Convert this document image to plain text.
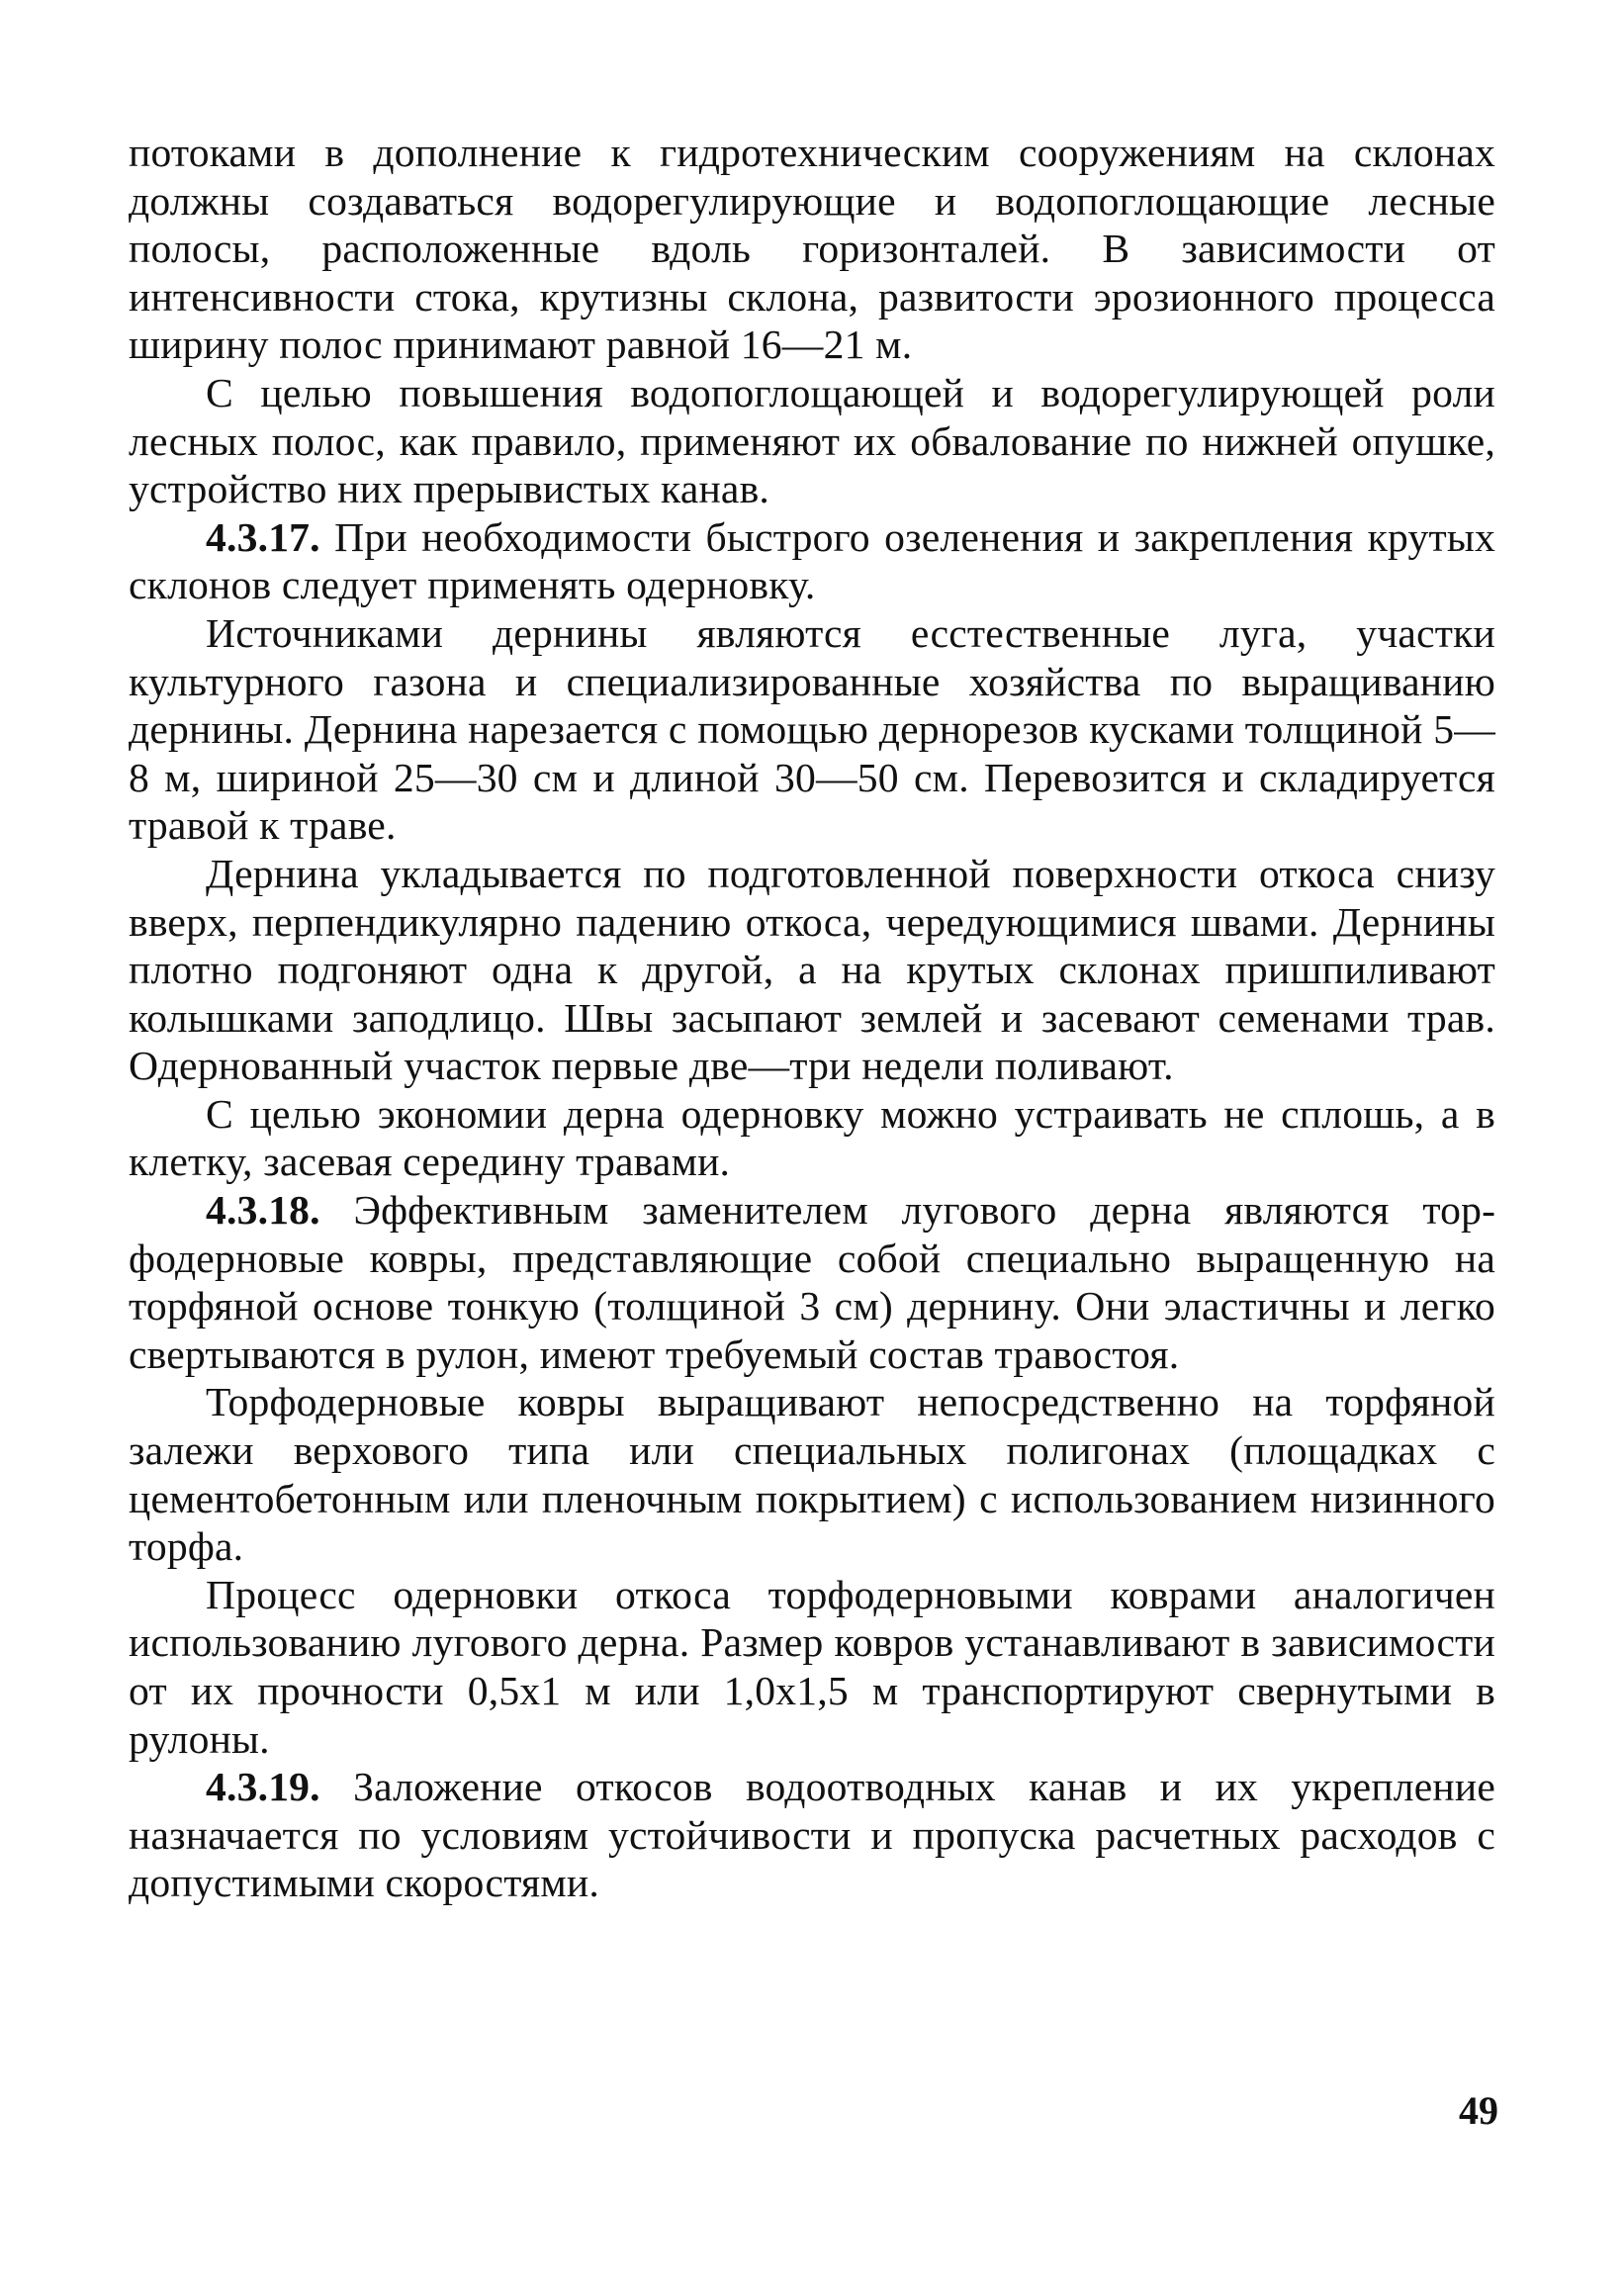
потоками в дополнение к гидротехническим сооружениям на склонах должны создаваться водорегулирующие и водопоглощающие лесные полосы, расположенные вдоль горизонталей. В зависимости от интенсивности стока, крутизны склона, развитости эрозионного процесса ширину полос принимают равной 16—21 м.

С целью повышения водопоглощающей и водорегулирующей роли лесных полос, как правило, применяют их обвалование по нижней опушке, устройство них прерывистых канав.

4.3.17. При необходимости быстрого озеленения и закрепления крутых склонов следует применять одерновку.

Источниками дернины являются есстественные луга, участки культурного газона и специализированные хозяйства по выращиванию дернины. Дернина нарезается с помощью дернорезов кусками толщиной 5—8 м, шириной 25—30 см и длиной 30—50 см. Перевозится и складируется травой к траве.

Дернина укладывается по подготовленной поверхности откоса снизу вверх, перпендикулярно падению откоса, чередующимися швами. Дернины плотно подгоняют одна к другой, а на крутых склонах пришпиливают колышками заподлицо. Швы засыпают землей и засевают семенами трав. Одернованный участок первые две—три недели поливают.

С целью экономии дерна одерновку можно устраивать не сплошь, а в клетку, засевая середину травами.

4.3.18. Эффективным заменителем лугового дерна являются торфодерновые ковры, представляющие собой специально выращенную на торфяной основе тонкую (толщиной 3 см) дернину. Они эластичны и легко свертываются в рулон, имеют требуемый состав травостоя.

Торфодерновые ковры выращивают непосредственно на торфяной залежи верхового типа или специальных полигонах (площадках с цементобетонным или пленочным покрытием) с использованием низинного торфа.

Процесс одерновки откоса торфодерновыми коврами аналогичен использованию лугового дерна. Размер ковров устанавливают в зависимости от их прочности 0,5x1 м или 1,0x1,5 м транспортируют свернутыми в рулоны.

4.3.19. Заложение откосов водоотводных канав и их укрепление назначается по условиям устойчивости и пропуска расчетных расходов с допустимыми скоростями.

49
